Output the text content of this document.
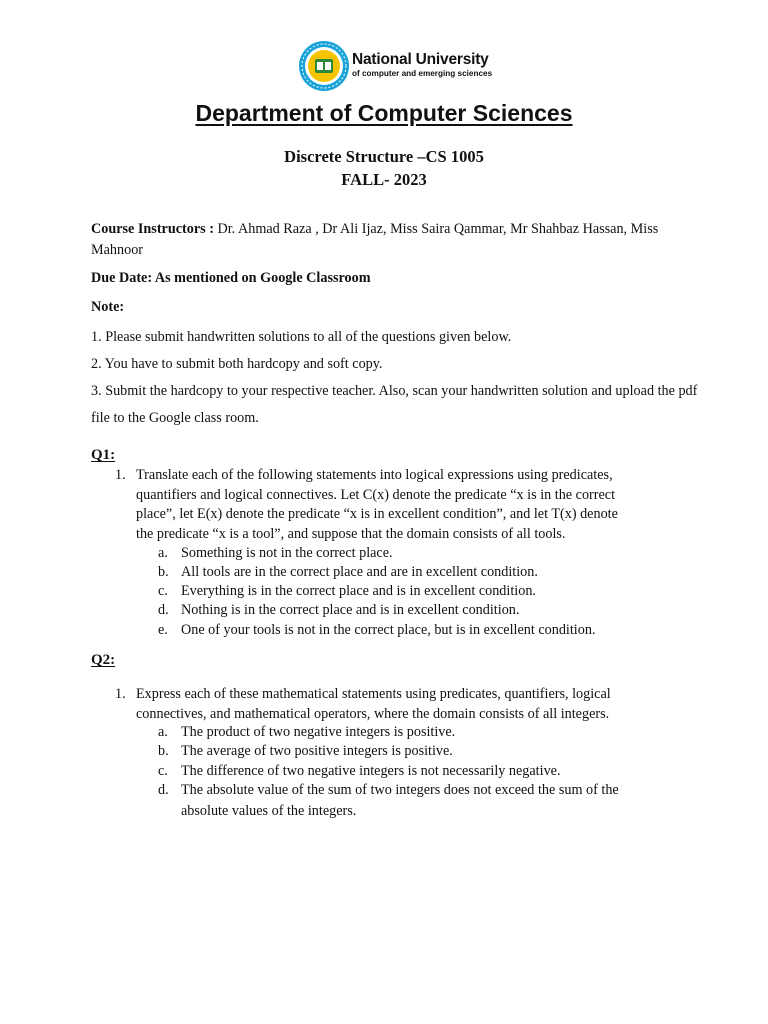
National University
of computer and emerging sciences
Department of Computer Sciences
Discrete Structure –CS 1005
FALL- 2023
Course Instructors : Dr. Ahmad Raza , Dr Ali Ijaz, Miss Saira Qammar, Mr Shahbaz Hassan, Miss
Mahnoor
Due Date: As mentioned on Google Classroom
Note:
1. Please submit handwritten solutions to all of the questions given below.
2. You have to submit both hardcopy and soft copy.
3. Submit the hardcopy to your respective teacher. Also, scan your handwritten solution and upload the pdf
file to the Google class room.
Q1:
1. Translate each of the following statements into logical expressions using predicates,
quantifiers and logical connectives. Let C(x) denote the predicate “x is in the correct
place”, let E(x) denote the predicate “x is in excellent condition”, and let T(x) denote
the predicate “x is a tool”, and suppose that the domain consists of all tools.
a. Something is not in the correct place.
b. All tools are in the correct place and are in excellent condition.
c. Everything is in the correct place and is in excellent condition.
d. Nothing is in the correct place and is in excellent condition.
e. One of your tools is not in the correct place, but is in excellent condition.
Q2:
1. Express each of these mathematical statements using predicates, quantifiers, logical
connectives, and mathematical operators, where the domain consists of all integers.
a. The product of two negative integers is positive.
b. The average of two positive integers is positive.
c. The difference of two negative integers is not necessarily negative.
d. The absolute value of the sum of two integers does not exceed the sum of the
absolute values of the integers.
